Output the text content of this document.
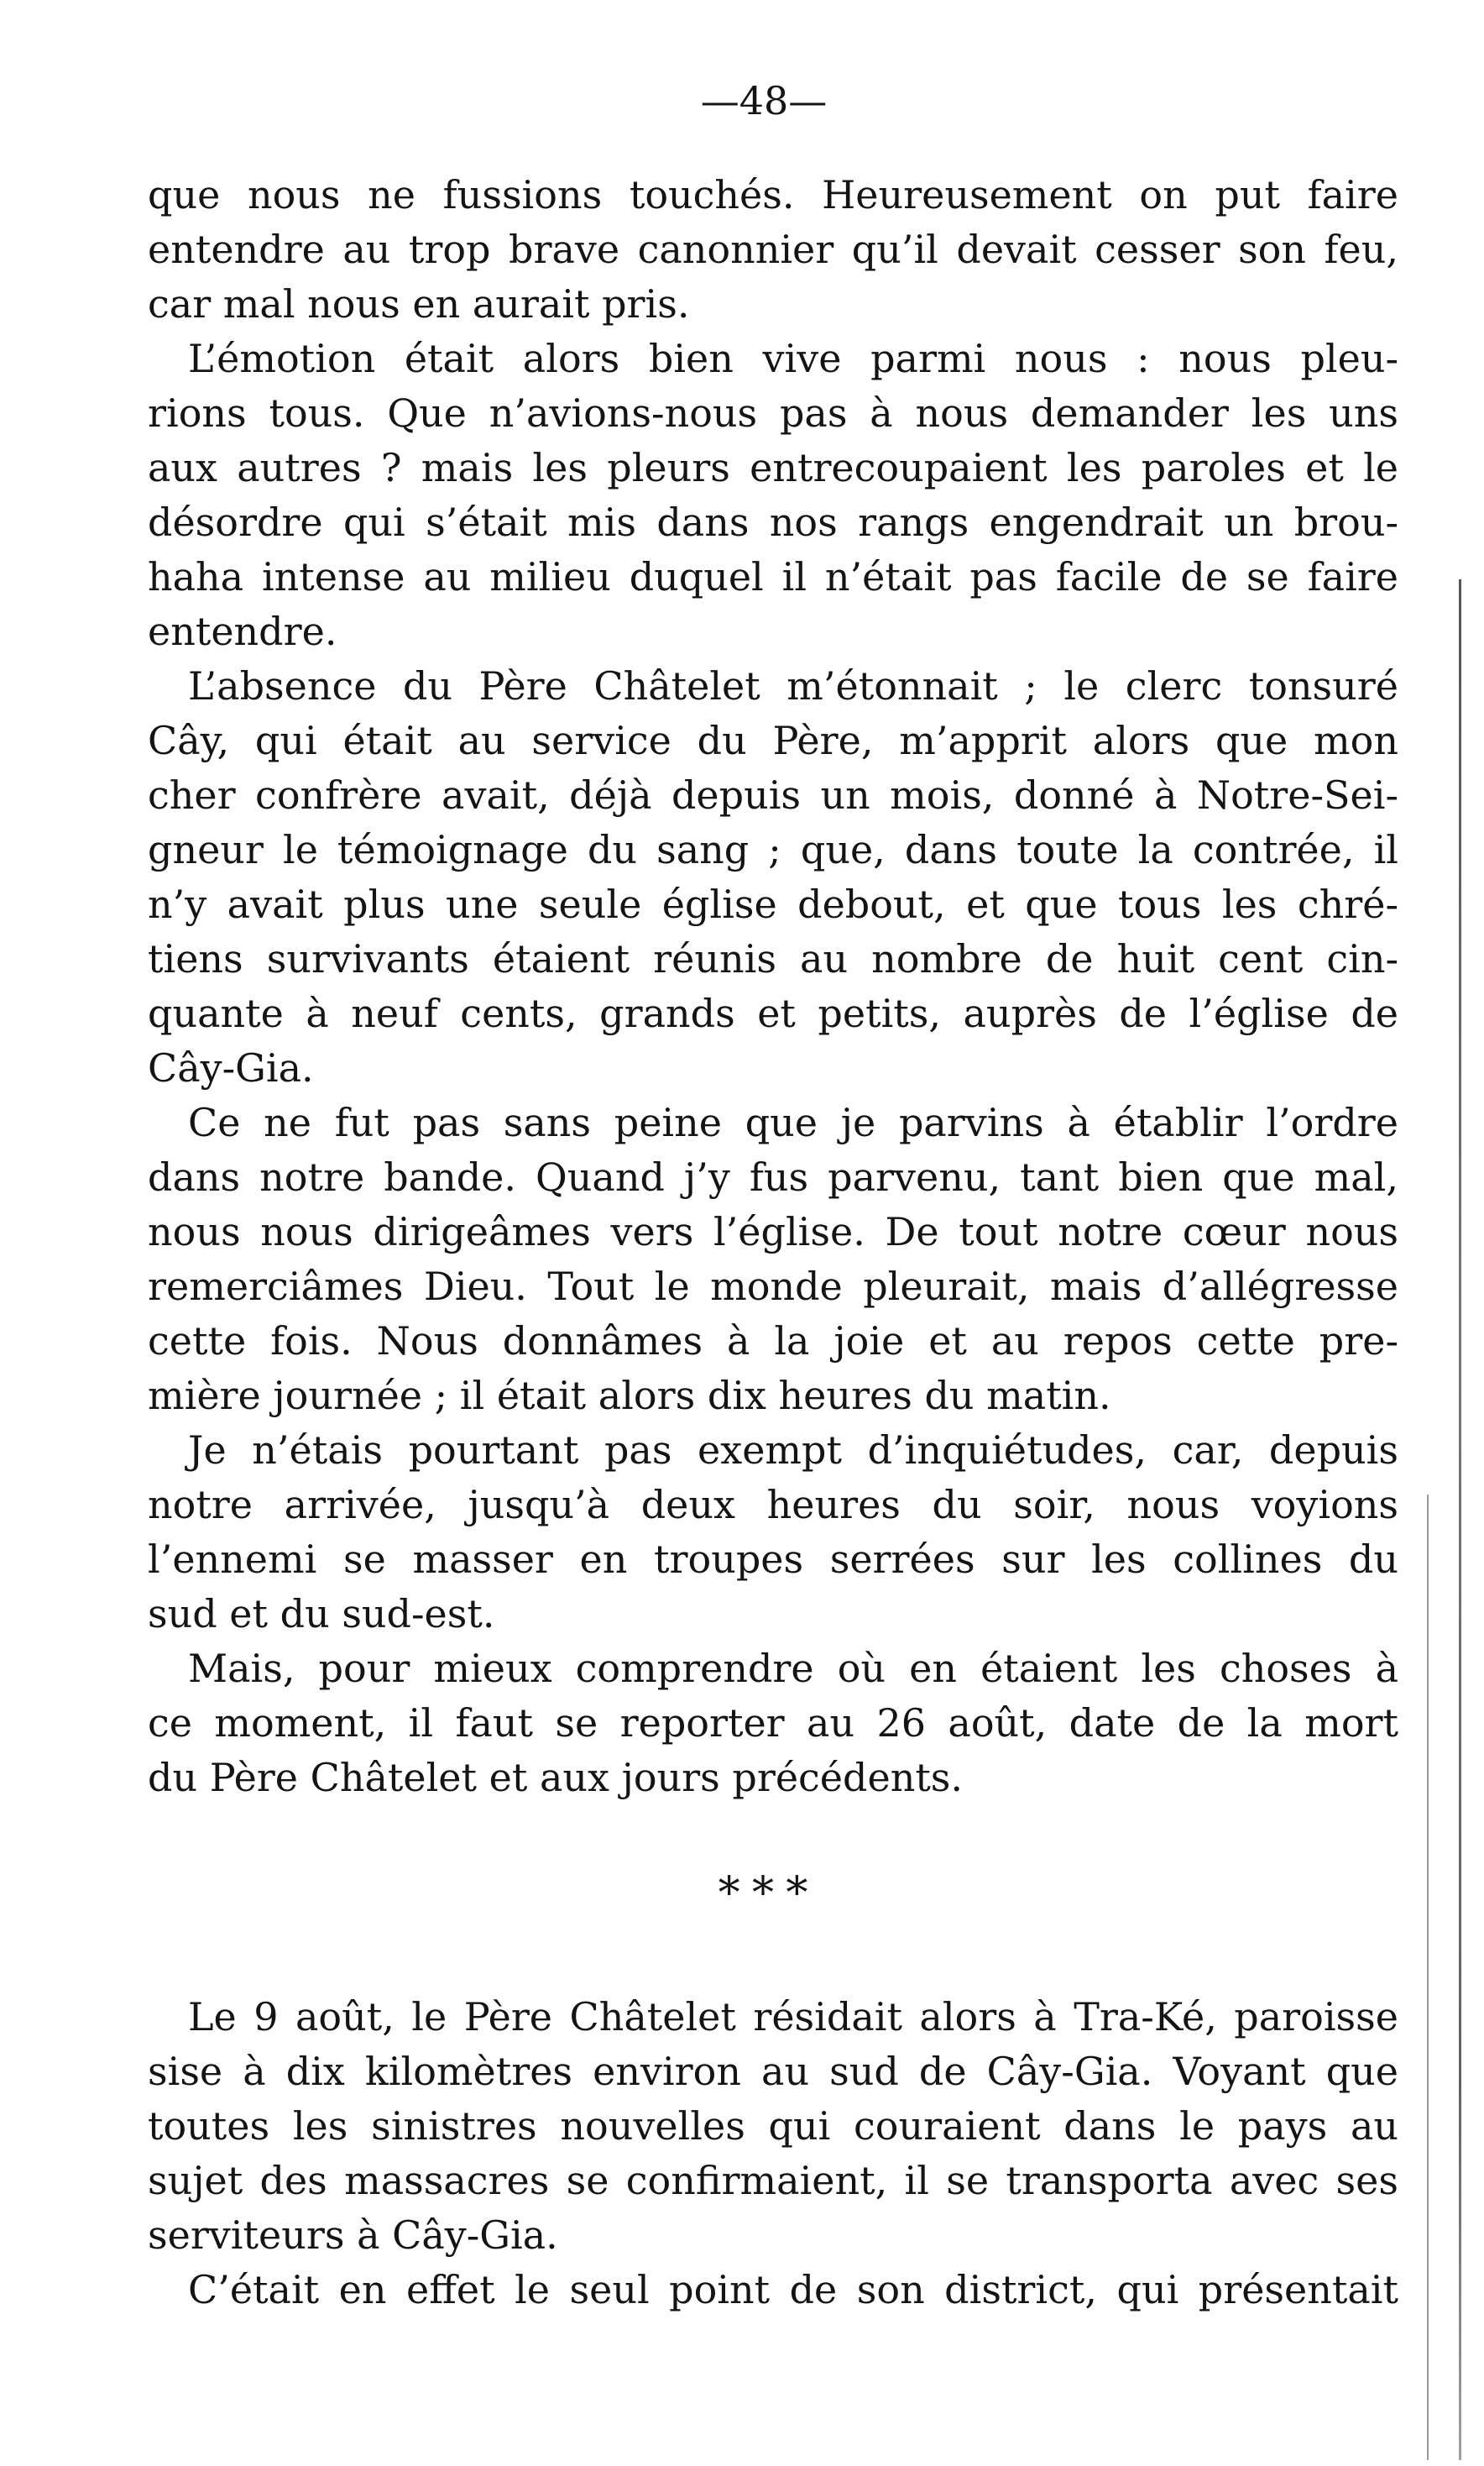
—48—

que nous ne fussions touchés. Heureusement on put faire

entendre au trop brave canonnier qu’il devait cesser son feu,

car mal nous en aurait pris.

L’émotion était alors bien vive parmi nous : nous pleu-

rions tous. Que n’avions-nous pas à nous demander les uns

aux autres ? mais les pleurs entrecoupaient les paroles et le

désordre qui s’était mis dans nos rangs engendrait un brou-

haha intense au milieu duquel il n’était pas facile de se faire

entendre.

L’absence du Père Châtelet m’étonnait ; le clerc tonsuré

Cây, qui était au service du Père, m’apprit alors que mon

cher confrère avait, déjà depuis un mois, donné à Notre-Sei-

gneur le témoignage du sang ; que, dans toute la contrée, il

n’y avait plus une seule église debout, et que tous les chré-

tiens survivants étaient réunis au nombre de huit cent cin-

quante à neuf cents, grands et petits, auprès de l’église de

Cây-Gia.

Ce ne fut pas sans peine que je parvins à établir l’ordre

dans notre bande. Quand j’y fus parvenu, tant bien que mal,

nous nous dirigeâmes vers l’église. De tout notre cœur nous

remerciâmes Dieu. Tout le monde pleurait, mais d’allégresse

cette fois. Nous donnâmes à la joie et au repos cette pre-

mière journée ; il était alors dix heures du matin.

Je n’étais pourtant pas exempt d’inquiétudes, car, depuis

notre arrivée, jusqu’à deux heures du soir, nous voyions

l’ennemi se masser en troupes serrées sur les collines du

sud et du sud-est.

Mais, pour mieux comprendre où en étaient les choses à

ce moment, il faut se reporter au 26 août, date de la mort

du Père Châtelet et aux jours précédents.

* * *

Le 9 août, le Père Châtelet résidait alors à Tra-Ké, paroisse

sise à dix kilomètres environ au sud de Cây-Gia. Voyant que

toutes les sinistres nouvelles qui couraient dans le pays au

sujet des massacres se confirmaient, il se transporta avec ses

serviteurs à Cây-Gia.

C’était en effet le seul point de son district, qui présentait
